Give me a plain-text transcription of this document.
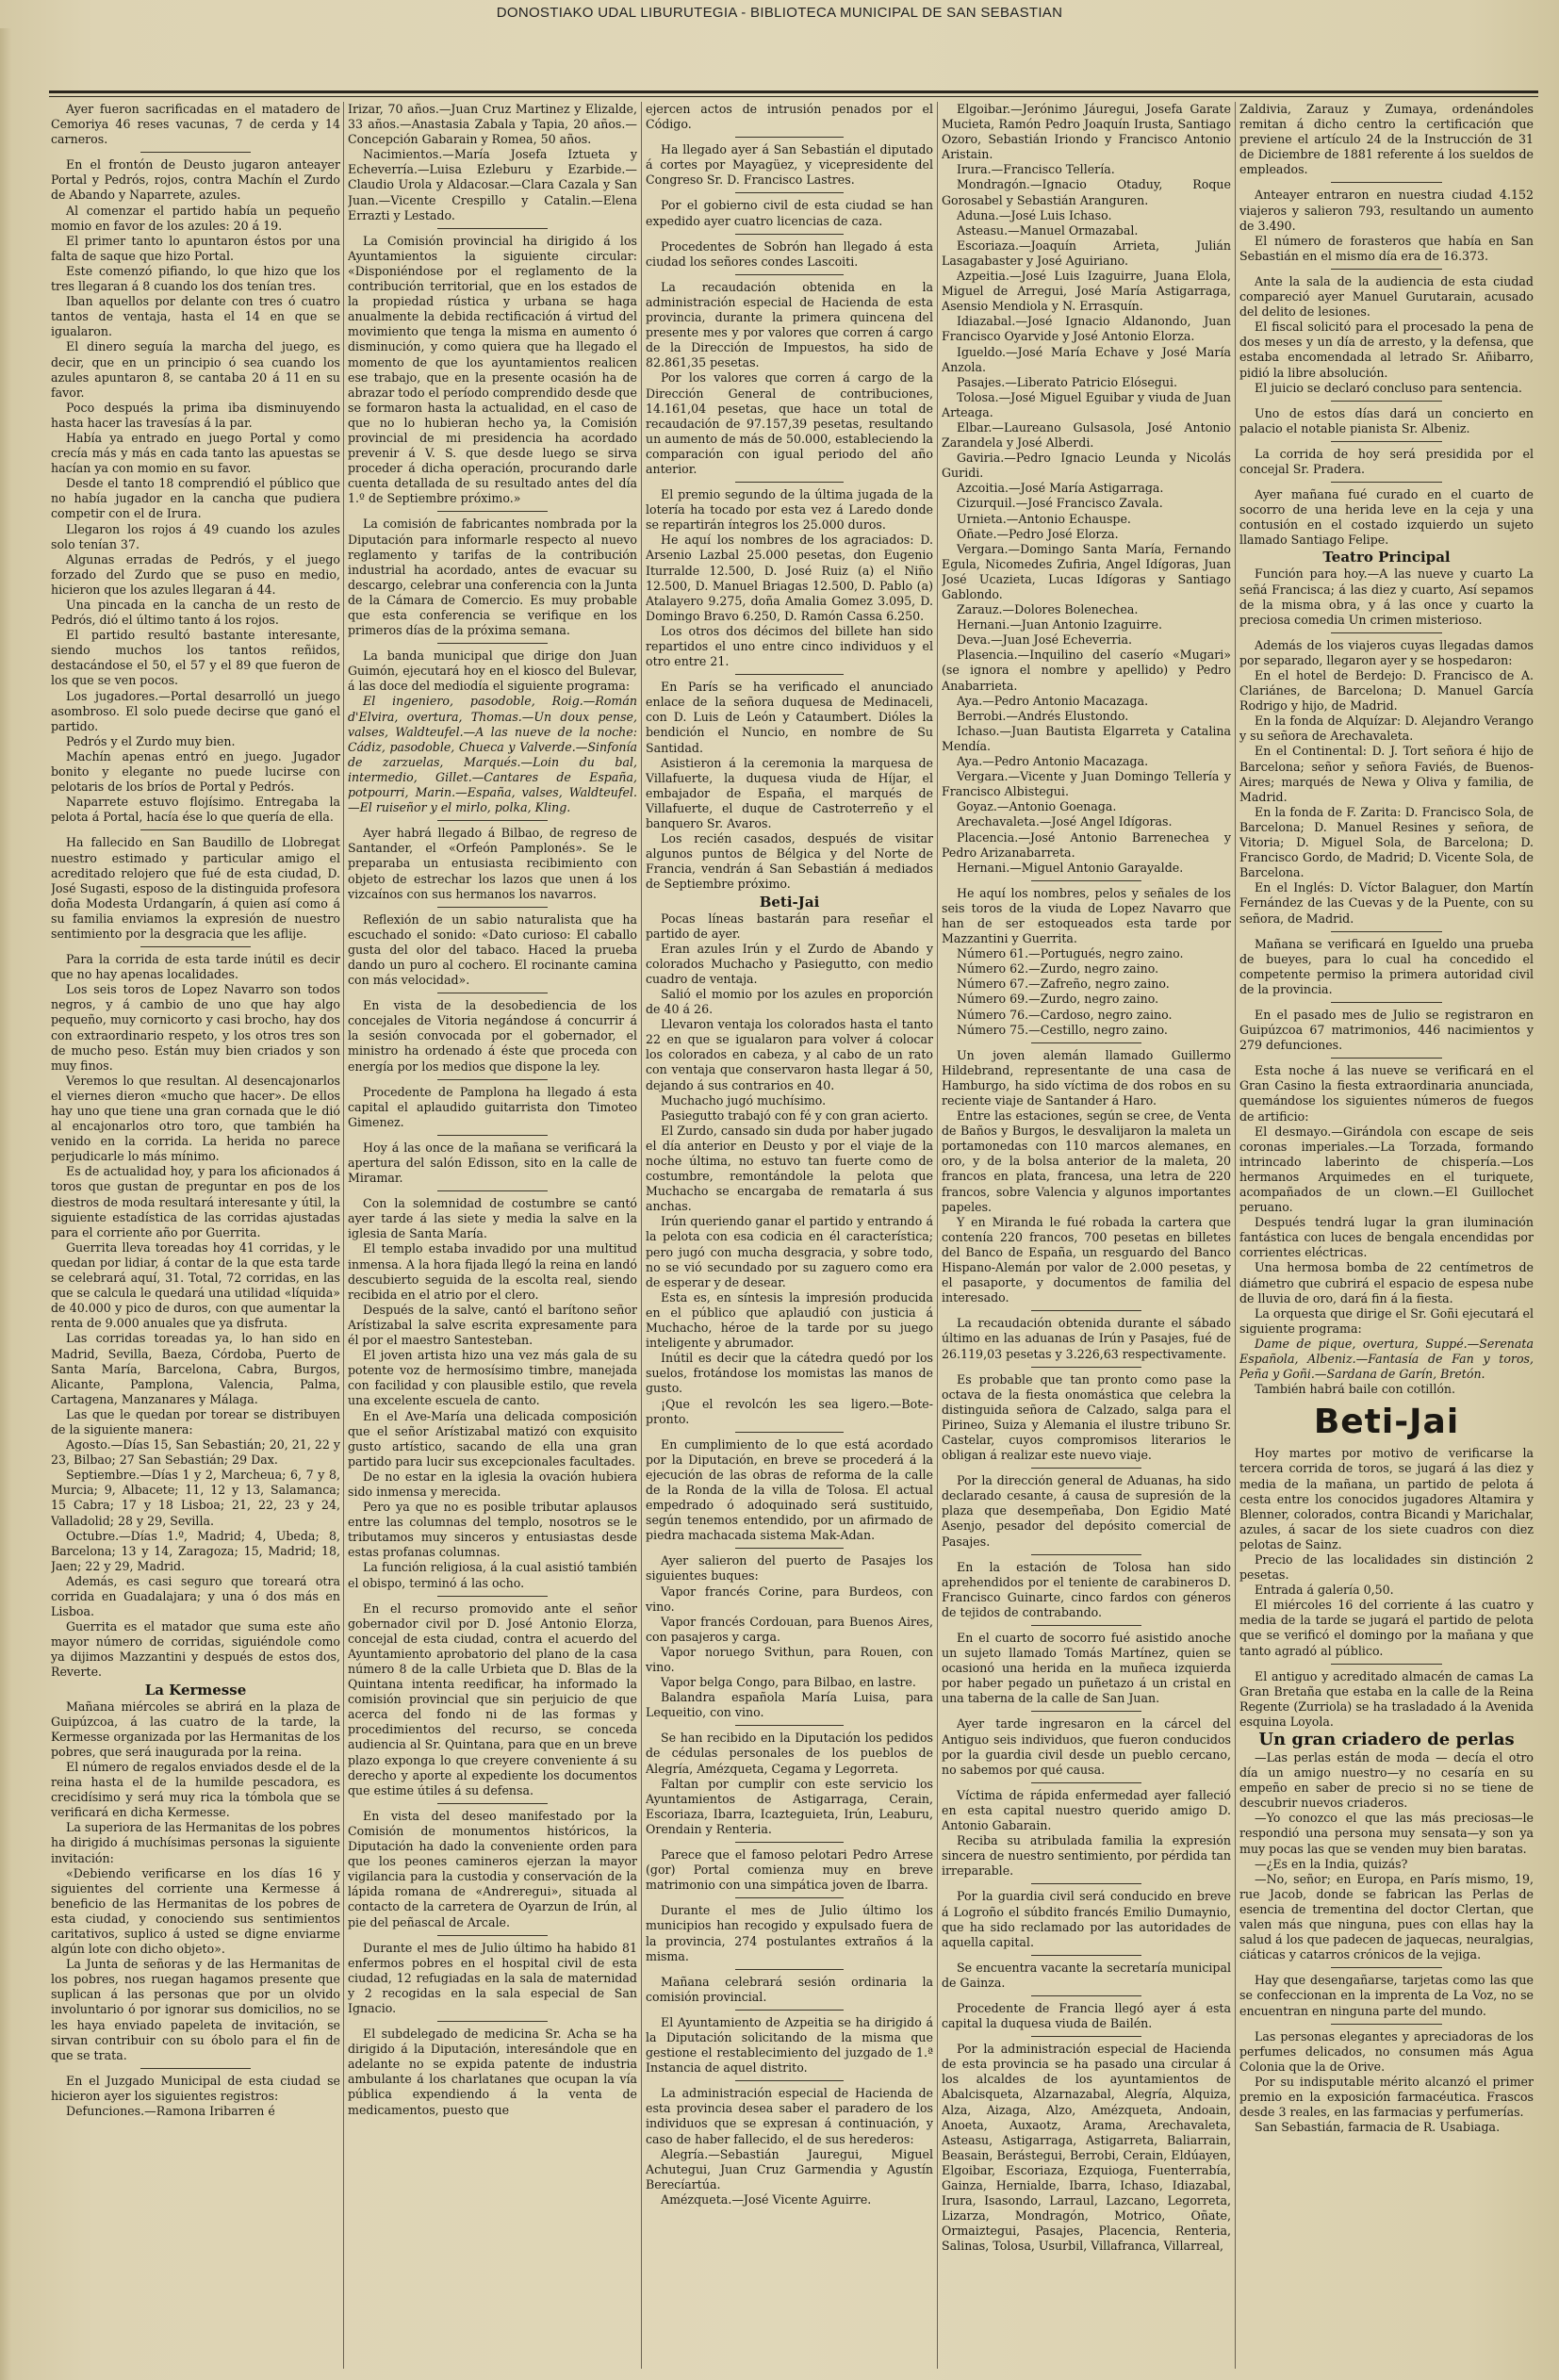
DONOSTIAKO UDAL LIBURUTEGIA - BIBLIOTECA MUNICIPAL DE SAN SEBASTIAN

Ayer fueron sacrificadas en el matadero de Cemoriya 46 reses vacunas, 7 de cerda y 14 carneros.

En el frontón de Deusto jugaron anteayer Portal y Pedrós, rojos, contra Machín el Zurdo de Abando y Naparrete, azules.

Al comenzar el partido había un pequeño momio en favor de los azules: 20 á 19.

El primer tanto lo apuntaron éstos por una falta de saque que hizo Portal.

Este comenzó pifiando, lo que hizo que los tres llegaran á 8 cuando los dos tenían tres.

Iban aquellos por delante con tres ó cuatro tantos de ventaja, hasta el 14 en que se igualaron.

El dinero seguía la marcha del juego, es decir, que en un principio ó sea cuando los azules apuntaron 8, se cantaba 20 á 11 en su favor.

Poco después la prima iba disminuyendo hasta hacer las travesías á la par.

Había ya entrado en juego Portal y como crecía más y más en cada tanto las apuestas se hacían ya con momio en su favor.

Desde el tanto 18 comprendió el público que no había jugador en la cancha que pudiera competir con el de Irura.

Llegaron los rojos á 49 cuando los azules solo tenían 37.

Algunas erradas de Pedrós, y el juego forzado del Zurdo que se puso en medio, hicieron que los azules llegaran á 44.

Una pincada en la cancha de un resto de Pedrós, dió el último tanto á los rojos.

El partido resultó bastante interesante, siendo muchos los tantos reñidos, destacándose el 50, el 57 y el 89 que fueron de los que se ven pocos.

Los jugadores.—Portal desarrolló un juego asombroso. El solo puede decirse que ganó el partido.

Pedrós y el Zurdo muy bien.

Machín apenas entró en juego. Jugador bonito y elegante no puede lucirse con pelotaris de los bríos de Portal y Pedrós.

Naparrete estuvo flojísimo. Entregaba la pelota á Portal, hacía ése lo que quería de ella.

Ha fallecido en San Baudillo de Llobregat nuestro estimado y particular amigo el acreditado relojero que fué de esta ciudad, D. José Sugasti, esposo de la distinguida profesora doña Modesta Urdangarín, á quien así como á su familia enviamos la expresión de nuestro sentimiento por la desgracia que les aflije.

Para la corrida de esta tarde inútil es decir que no hay apenas localidades.

Los seis toros de Lopez Navarro son todos negros, y á cambio de uno que hay algo pequeño, muy cornicorto y casi brocho, hay dos con extraordinario respeto, y los otros tres son de mucho peso. Están muy bien criados y son muy finos.

Veremos lo que resultan. Al desencajonarlos el viernes dieron «mucho que hacer». De ellos hay uno que tiene una gran cornada que le dió al encajonarlos otro toro, que también ha venido en la corrida. La herida no parece perjudicarle lo más mínimo.

Es de actualidad hoy, y para los aficionados á toros que gustan de preguntar en pos de los diestros de moda resultará interesante y útil, la siguiente estadística de las corridas ajustadas para el corriente año por Guerrita.

Guerrita lleva toreadas hoy 41 corridas, y le quedan por lidiar, á contar de la que esta tarde se celebrará aquí, 31. Total, 72 corridas, en las que se calcula le quedará una utilidad «líquida» de 40.000 y pico de duros, con que aumentar la renta de 9.000 anuales que ya disfruta.

Las corridas toreadas ya, lo han sido en Madrid, Sevilla, Baeza, Córdoba, Puerto de Santa María, Barcelona, Cabra, Burgos, Alicante, Pamplona, Valencia, Palma, Cartagena, Manzanares y Málaga.

Las que le quedan por torear se distribuyen de la siguiente manera:

Agosto.—Días 15, San Sebastián; 20, 21, 22 y 23, Bilbao; 27 San Sebastián; 29 Dax.

Septiembre.—Días 1 y 2, Marcheua; 6, 7 y 8, Murcia; 9, Albacete; 11, 12 y 13, Salamanca; 15 Cabra; 17 y 18 Lisboa; 21, 22, 23 y 24, Valladolid; 28 y 29, Sevilla.

Octubre.—Días 1.º, Madrid; 4, Ubeda; 8, Barcelona; 13 y 14, Zaragoza; 15, Madrid; 18, Jaen; 22 y 29, Madrid.

Además, es casi seguro que toreará otra corrida en Guadalajara; y una ó dos más en Lisboa.

Guerrita es el matador que suma este año mayor número de corridas, siguiéndole como ya dijimos Mazzantini y después de estos dos, Reverte.

La Kermesse

Mañana miércoles se abrirá en la plaza de Guipúzcoa, á las cuatro de la tarde, la Kermesse organizada por las Hermanitas de los pobres, que será inaugurada por la reina.

El número de regalos enviados desde el de la reina hasta el de la humilde pescadora, es crecidísimo y será muy rica la tómbola que se verificará en dicha Kermesse.

La superiora de las Hermanitas de los pobres ha dirigido á muchísimas personas la siguiente invitación:

«Debiendo verificarse en los días 16 y siguientes del corriente una Kermesse á beneficio de las Hermanitas de los pobres de esta ciudad, y conociendo sus sentimientos caritativos, suplico á usted se digne enviarme algún lote con dicho objeto».

La Junta de señoras y de las Hermanitas de los pobres, nos ruegan hagamos presente que suplican á las personas que por un olvido involuntario ó por ignorar sus domicilios, no se les haya enviado papeleta de invitación, se sirvan contribuir con su óbolo para el fin de que se trata.

En el Juzgado Municipal de esta ciudad se hicieron ayer los siguientes registros:

Defunciones.—Ramona Iribarren é

Irizar, 70 años.—Juan Cruz Martinez y Elizalde, 33 años.—Anastasia Zabala y Tapia, 20 años.—Concepción Gabarain y Romea, 50 años.

Nacimientos.—María Josefa Iztueta y Echeverría.—Luisa Ezleburu y Ezarbide.—Claudio Urola y Aldacosar.—Clara Cazala y San Juan.—Vicente Crespillo y Catalin.—Elena Errazti y Lestado.

La Comisión provincial ha dirigido á los Ayuntamientos la siguiente circular: «Disponiéndose por el reglamento de la contribución territorial, que en los estados de la propiedad rústica y urbana se haga anualmente la debida rectificación á virtud del movimiento que tenga la misma en aumento ó disminución, y como quiera que ha llegado el momento de que los ayuntamientos realicen ese trabajo, que en la presente ocasión ha de abrazar todo el período comprendido desde que se formaron hasta la actualidad, en el caso de que no lo hubieran hecho ya, la Comisión provincial de mi presidencia ha acordado prevenir á V. S. que desde luego se sirva proceder á dicha operación, procurando darle cuenta detallada de su resultado antes del día 1.º de Septiembre próximo.»

La comisión de fabricantes nombrada por la Diputación para informarle respecto al nuevo reglamento y tarifas de la contribución industrial ha acordado, antes de evacuar su descargo, celebrar una conferencia con la Junta de la Cámara de Comercio. Es muy probable que esta conferencia se verifique en los primeros días de la próxima semana.

La banda municipal que dirige don Juan Guimón, ejecutará hoy en el kiosco del Bulevar, á las doce del mediodía el siguiente programa:

El ingeniero, pasodoble, Roig.—Román d'Elvira, overtura, Thomas.—Un doux pense, valses, Waldteufel.—A las nueve de la noche: Cádiz, pasodoble, Chueca y Valverde.—Sinfonía de zarzuelas, Marqués.—Loin du bal, intermedio, Gillet.—Cantares de España, potpourri, Marin.—España, valses, Waldteufel.—El ruiseñor y el mirlo, polka, Kling.

Ayer habrá llegado á Bilbao, de regreso de Santander, el «Orfeón Pamplonés». Se le preparaba un entusiasta recibimiento con objeto de estrechar los lazos que unen á los vizcaínos con sus hermanos los navarros.

Reflexión de un sabio naturalista que ha escuchado el sonido: «Dato curioso: El caballo gusta del olor del tabaco. Haced la prueba dando un puro al cochero. El rocinante camina con más velocidad».

En vista de la desobediencia de los concejales de Vitoria negándose á concurrir á la sesión convocada por el gobernador, el ministro ha ordenado á éste que proceda con energía por los medios que dispone la ley.

Procedente de Pamplona ha llegado á esta capital el aplaudido guitarrista don Timoteo Gimenez.

Hoy á las once de la mañana se verificará la apertura del salón Edisson, sito en la calle de Miramar.

Con la solemnidad de costumbre se cantó ayer tarde á las siete y media la salve en la iglesia de Santa María.

El templo estaba invadido por una multitud inmensa. A la hora fijada llegó la reina en landó descubierto seguida de la escolta real, siendo recibida en el atrio por el clero.

Después de la salve, cantó el barítono señor Arístizabal la salve escrita expresamente para él por el maestro Santesteban.

El joven artista hizo una vez más gala de su potente voz de hermosísimo timbre, manejada con facilidad y con plausible estilo, que revela una excelente escuela de canto.

En el Ave-María una delicada composición que el señor Arístizabal matizó con exquisito gusto artístico, sacando de ella una gran partido para lucir sus excepcionales facultades.

De no estar en la iglesia la ovación hubiera sido inmensa y merecida.

Pero ya que no es posible tributar aplausos entre las columnas del templo, nosotros se le tributamos muy sinceros y entusiastas desde estas profanas columnas.

La función religiosa, á la cual asistió también el obispo, terminó á las ocho.

En el recurso promovido ante el señor gobernador civil por D. José Antonio Elorza, concejal de esta ciudad, contra el acuerdo del Ayuntamiento aprobatorio del plano de la casa número 8 de la calle Urbieta que D. Blas de la Quintana intenta reedificar, ha informado la comisión provincial que sin perjuicio de que acerca del fondo ni de las formas y procedimientos del recurso, se conceda audiencia al Sr. Quintana, para que en un breve plazo exponga lo que creyere conveniente á su derecho y aporte al expediente los documentos que estime útiles á su defensa.

En vista del deseo manifestado por la Comisión de monumentos históricos, la Diputación ha dado la conveniente orden para que los peones camineros ejerzan la mayor vigilancia para la custodia y conservación de la lápida romana de «Andreregui», situada al contacto de la carretera de Oyarzun de Irún, al pie del peñascal de Arcale.

Durante el mes de Julio último ha habido 81 enfermos pobres en el hospital civil de esta ciudad, 12 refugiadas en la sala de maternidad y 2 recogidas en la sala especial de San Ignacio.

El subdelegado de medicina Sr. Acha se ha dirigido á la Diputación, interesándole que en adelante no se expida patente de industria ambulante á los charlatanes que ocupan la vía pública expendiendo á la venta de medicamentos, puesto que

ejercen actos de intrusión penados por el Código.

Ha llegado ayer á San Sebastián el diputado á cortes por Mayagüez, y vicepresidente del Congreso Sr. D. Francisco Lastres.

Por el gobierno civil de esta ciudad se han expedido ayer cuatro licencias de caza.

Procedentes de Sobrón han llegado á esta ciudad los señores condes Lascoiti.

La recaudación obtenida en la administración especial de Hacienda de esta provincia, durante la primera quincena del presente mes y por valores que corren á cargo de la Dirección de Impuestos, ha sido de 82.861,35 pesetas.

Por los valores que corren á cargo de la Dirección General de contribuciones, 14.161,04 pesetas, que hace un total de recaudación de 97.157,39 pesetas, resultando un aumento de más de 50.000, estableciendo la comparación con igual periodo del año anterior.

El premio segundo de la última jugada de la lotería ha tocado por esta vez á Laredo donde se repartirán íntegros los 25.000 duros.

He aquí los nombres de los agraciados: D. Arsenio Lazbal 25.000 pesetas, don Eugenio Iturralde 12.500, D. José Ruiz (a) el Niño 12.500, D. Manuel Briagas 12.500, D. Pablo (a) Atalayero 9.275, doña Amalia Gomez 3.095, D. Domingo Bravo 6.250, D. Ramón Cassa 6.250.

Los otros dos décimos del billete han sido repartidos el uno entre cinco individuos y el otro entre 21.

En París se ha verificado el anunciado enlace de la señora duquesa de Medinaceli, con D. Luis de León y Cataumbert. Dióles la bendición el Nuncio, en nombre de Su Santidad.

Asistieron á la ceremonia la marquesa de Villafuerte, la duquesa viuda de Híjar, el embajador de España, el marqués de Villafuerte, el duque de Castroterreño y el banquero Sr. Avaros.

Los recién casados, después de visitar algunos puntos de Bélgica y del Norte de Francia, vendrán á San Sebastián á mediados de Septiembre próximo.

Beti-Jai

Pocas líneas bastarán para reseñar el partido de ayer.

Eran azules Irún y el Zurdo de Abando y colorados Muchacho y Pasiegutto, con medio cuadro de ventaja.

Salió el momio por los azules en proporción de 40 á 26.

Llevaron ventaja los colorados hasta el tanto 22 en que se igualaron para volver á colocar los colorados en cabeza, y al cabo de un rato con ventaja que conservaron hasta llegar á 50, dejando á sus contrarios en 40.

Muchacho jugó muchísimo.

Pasiegutto trabajó con fé y con gran acierto.

El Zurdo, cansado sin duda por haber jugado el día anterior en Deusto y por el viaje de la noche última, no estuvo tan fuerte como de costumbre, remontándole la pelota que Muchacho se encargaba de rematarla á sus anchas.

Irún queriendo ganar el partido y entrando á la pelota con esa codicia en él característica; pero jugó con mucha desgracia, y sobre todo, no se vió secundado por su zaguero como era de esperar y de desear.

Esta es, en síntesis la impresión producida en el público que aplaudió con justicia á Muchacho, héroe de la tarde por su juego inteligente y abrumador.

Inútil es decir que la cátedra quedó por los suelos, frotándose los momistas las manos de gusto.

¡Que el revolcón les sea ligero.—Bote-pronto.

En cumplimiento de lo que está acordado por la Diputación, en breve se procederá á la ejecución de las obras de reforma de la calle de la Ronda de la villa de Tolosa. El actual empedrado ó adoquinado será sustituido, según tenemos entendido, por un afirmado de piedra machacada sistema Mak-Adan.

Ayer salieron del puerto de Pasajes los siguientes buques:

Vapor francés Corine, para Burdeos, con vino.

Vapor francés Cordouan, para Buenos Aires, con pasajeros y carga.

Vapor noruego Svithun, para Rouen, con vino.

Vapor belga Congo, para Bilbao, en lastre.

Balandra española María Luisa, para Lequeitio, con vino.

Se han recibido en la Diputación los pedidos de cédulas personales de los pueblos de Alegría, Amézqueta, Cegama y Legorreta.

Faltan por cumplir con este servicio los Ayuntamientos de Astigarraga, Cerain, Escoriaza, Ibarra, Icazteguieta, Irún, Leaburu, Orendain y Renteria.

Parece que el famoso pelotari Pedro Arrese (gor) Portal comienza muy en breve matrimonio con una simpática joven de Ibarra.

Durante el mes de Julio último los municipios han recogido y expulsado fuera de la provincia, 274 postulantes extraños á la misma.

Mañana celebrará sesión ordinaria la comisión provincial.

El Ayuntamiento de Azpeitia se ha dirigido á la Diputación solicitando de la misma que gestione el restablecimiento del juzgado de 1.ª Instancia de aquel distrito.

La administración especial de Hacienda de esta provincia desea saber el paradero de los individuos que se expresan á continuación, y caso de haber fallecido, el de sus herederos:

Alegría.—Sebastián Jauregui, Miguel Achutegui, Juan Cruz Garmendia y Agustín Berecíartúa.

Amézqueta.—José Vicente Aguirre.

Elgoibar.—Jerónimo Jáuregui, Josefa Garate Mucieta, Ramón Pedro Joaquín Irusta, Santiago Ozoro, Sebastián Iriondo y Francisco Antonio Aristain.

Irura.—Francisco Tellería.

Mondragón.—Ignacio Otaduy, Roque Gorosabel y Sebastián Aranguren.

Aduna.—José Luis Ichaso.

Asteasu.—Manuel Ormazabal.

Escoriaza.—Joaquín Arrieta, Julián Lasagabaster y José Aguiriano.

Azpeitia.—José Luis Izaguirre, Juana Elola, Miguel de Arregui, José María Astigarraga, Asensio Mendiola y N. Errasquín.

Idiazabal.—José Ignacio Aldanondo, Juan Francisco Oyarvide y José Antonio Elorza.

Igueldo.—José María Echave y José María Anzola.

Pasajes.—Liberato Patricio Elósegui.

Tolosa.—José Miguel Eguibar y viuda de Juan Arteaga.

Elbar.—Laureano Gulsasola, José Antonio Zarandela y José Alberdi.

Gaviria.—Pedro Ignacio Leunda y Nicolás Guridi.

Azcoitia.—José María Astigarraga.

Cizurquil.—José Francisco Zavala.

Urnieta.—Antonio Echauspe.

Oñate.—Pedro José Elorza.

Vergara.—Domingo Santa María, Fernando Egula, Nicomedes Zufiria, Angel Idígoras, Juan José Ucazieta, Lucas Idígoras y Santiago Gablondo.

Zarauz.—Dolores Bolenechea.

Hernani.—Juan Antonio Izaguirre.

Deva.—Juan José Echeverria.

Plasencia.—Inquilino del caserío «Mugari» (se ignora el nombre y apellido) y Pedro Anabarrieta.

Aya.—Pedro Antonio Macazaga.

Berrobi.—Andrés Elustondo.

Ichaso.—Juan Bautista Elgarreta y Catalina Mendía.

Aya.—Pedro Antonio Macazaga.

Vergara.—Vicente y Juan Domingo Tellería y Francisco Albistegui.

Goyaz.—Antonio Goenaga.

Arechavaleta.—José Angel Idígoras.

Placencia.—José Antonio Barrenechea y Pedro Arizanabarreta.

Hernani.—Miguel Antonio Garayalde.

He aquí los nombres, pelos y señales de los seis toros de la viuda de Lopez Navarro que han de ser estoqueados esta tarde por Mazzantini y Guerrita.

Número 61.—Portugués, negro zaino.

Número 62.—Zurdo, negro zaino.

Número 67.—Zafreño, negro zaino.

Número 69.—Zurdo, negro zaino.

Número 76.—Cardoso, negro zaino.

Número 75.—Cestillo, negro zaino.

Un joven alemán llamado Guillermo Hildebrand, representante de una casa de Hamburgo, ha sido víctima de dos robos en su reciente viaje de Santander á Haro.

Entre las estaciones, según se cree, de Venta de Baños y Burgos, le desvalijaron la maleta un portamonedas con 110 marcos alemanes, en oro, y de la bolsa anterior de la maleta, 20 francos en plata, francesa, una letra de 220 francos, sobre Valencia y algunos importantes papeles.

Y en Miranda le fué robada la cartera que contenía 220 francos, 700 pesetas en billetes del Banco de España, un resguardo del Banco Hispano-Alemán por valor de 2.000 pesetas, y el pasaporte, y documentos de familia del interesado.

La recaudación obtenida durante el sábado último en las aduanas de Irún y Pasajes, fué de 26.119,03 pesetas y 3.226,63 respectivamente.

Es probable que tan pronto como pase la octava de la fiesta onomástica que celebra la distinguida señora de Calzado, salga para el Pirineo, Suiza y Alemania el ilustre tribuno Sr. Castelar, cuyos compromisos literarios le obligan á realizar este nuevo viaje.

Por la dirección general de Aduanas, ha sido declarado cesante, á causa de supresión de la plaza que desempeñaba, Don Egidio Maté Asenjo, pesador del depósito comercial de Pasajes.

En la estación de Tolosa han sido aprehendidos por el teniente de carabineros D. Francisco Guinarte, cinco fardos con géneros de tejidos de contrabando.

En el cuarto de socorro fué asistido anoche un sujeto llamado Tomás Martínez, quien se ocasionó una herida en la muñeca izquierda por haber pegado un puñetazo á un cristal en una taberna de la calle de San Juan.

Ayer tarde ingresaron en la cárcel del Antiguo seis individuos, que fueron conducidos por la guardia civil desde un pueblo cercano, no sabemos por qué causa.

Víctima de rápida enfermedad ayer falleció en esta capital nuestro querido amigo D. Antonio Gabarain.

Reciba su atribulada familia la expresión sincera de nuestro sentimiento, por pérdida tan irreparable.

Por la guardia civil será conducido en breve á Logroño el súbdito francés Emilio Dumaynio, que ha sido reclamado por las autoridades de aquella capital.

Se encuentra vacante la secretaría municipal de Gainza.

Procedente de Francia llegó ayer á esta capital la duquesa viuda de Bailén.

Por la administración especial de Hacienda de esta provincia se ha pasado una circular á los alcaldes de los ayuntamientos de Abalcisqueta, Alzarnazabal, Alegría, Alquiza, Alza, Aizaga, Alzo, Amézqueta, Andoain, Anoeta, Auxaotz, Arama, Arechavaleta, Asteasu, Astigarraga, Astigarreta, Baliarrain, Beasain, Berástegui, Berrobi, Cerain, Eldúayen, Elgoibar, Escoriaza, Ezquioga, Fuenterrabía, Gainza, Hernialde, Ibarra, Ichaso, Idiazabal, Irura, Isasondo, Larraul, Lazcano, Legorreta, Lizarza, Mondragón, Motrico, Oñate, Ormaiztegui, Pasajes, Placencia, Renteria, Salinas, Tolosa, Usurbil, Villafranca, Villarreal,

Zaldivia, Zarauz y Zumaya, ordenándoles remitan á dicho centro la certificación que previene el artículo 24 de la Instrucción de 31 de Diciembre de 1881 referente á los sueldos de empleados.

Anteayer entraron en nuestra ciudad 4.152 viajeros y salieron 793, resultando un aumento de 3.490.

El número de forasteros que había en San Sebastián en el mismo día era de 16.373.

Ante la sala de la audiencia de esta ciudad compareció ayer Manuel Gurutarain, acusado del delito de lesiones.

El fiscal solicitó para el procesado la pena de dos meses y un día de arresto, y la defensa, que estaba encomendada al letrado Sr. Añibarro, pidió la libre absolución.

El juicio se declaró concluso para sentencia.

Uno de estos días dará un concierto en palacio el notable pianista Sr. Albeniz.

La corrida de hoy será presidida por el concejal Sr. Pradera.

Ayer mañana fué curado en el cuarto de socorro de una herida leve en la ceja y una contusión en el costado izquierdo un sujeto llamado Santiago Felipe.

Teatro Principal

Función para hoy.—A las nueve y cuarto La señá Francisca; á las diez y cuarto, Así sepamos de la misma obra, y á las once y cuarto la preciosa comedia Un crimen misterioso.

Además de los viajeros cuyas llegadas damos por separado, llegaron ayer y se hospedaron:

En el hotel de Berdejo: D. Francisco de A. Clariánes, de Barcelona; D. Manuel García Rodrigo y hijo, de Madrid.

En la fonda de Alquízar: D. Alejandro Verango y su señora de Arechavaleta.

En el Continental: D. J. Tort señora é hijo de Barcelona; señor y señora Faviés, de Buenos-Aires; marqués de Newa y Oliva y familia, de Madrid.

En la fonda de F. Zarita: D. Francisco Sola, de Barcelona; D. Manuel Resines y señora, de Vitoria; D. Miguel Sola, de Barcelona; D. Francisco Gordo, de Madrid; D. Vicente Sola, de Barcelona.

En el Inglés: D. Víctor Balaguer, don Martín Fernández de las Cuevas y de la Puente, con su señora, de Madrid.

Mañana se verificará en Igueldo una prueba de bueyes, para lo cual ha concedido el competente permiso la primera autoridad civil de la provincia.

En el pasado mes de Julio se registraron en Guipúzcoa 67 matrimonios, 446 nacimientos y 279 defunciones.

Esta noche á las nueve se verificará en el Gran Casino la fiesta extraordinaria anunciada, quemándose los siguientes números de fuegos de artificio:

El desmayo.—Girándola con escape de seis coronas imperiales.—La Torzada, formando intrincado laberinto de chispería.—Los hermanos Arquimedes en el turiquete, acompañados de un clown.—El Guillochet peruano.

Después tendrá lugar la gran iluminación fantástica con luces de bengala encendidas por corrientes eléctricas.

Una hermosa bomba de 22 centímetros de diámetro que cubrirá el espacio de espesa nube de lluvia de oro, dará fin á la fiesta.

La orquesta que dirige el Sr. Goñi ejecutará el siguiente programa:

Dame de pique, overtura, Suppé.—Serenata Española, Albeniz.—Fantasía de Fan y toros, Peña y Goñi.—Sardana de Garín, Bretón.

También habrá baile con cotillón.

Beti-Jai

Hoy martes por motivo de verificarse la tercera corrida de toros, se jugará á las diez y media de la mañana, un partido de pelota á cesta entre los conocidos jugadores Altamira y Blenner, colorados, contra Bicandi y Marichalar, azules, á sacar de los siete cuadros con diez pelotas de Sainz.

Precio de las localidades sin distinción 2 pesetas.

Entrada á galería 0,50.

El miércoles 16 del corriente á las cuatro y media de la tarde se jugará el partido de pelota que se verificó el domingo por la mañana y que tanto agradó al público.

El antiguo y acreditado almacén de camas La Gran Bretaña que estaba en la calle de la Reina Regente (Zurriola) se ha trasladado á la Avenida esquina Loyola.

Un gran criadero de perlas

—Las perlas están de moda — decía el otro día un amigo nuestro—y no cesaría en su empeño en saber de precio si no se tiene de descubrir nuevos criaderos.

—Yo conozco el que las más preciosas—le respondió una persona muy sensata—y son ya muy pocas las que se venden muy bien baratas.

—¿Es en la India, quizás?

—No, señor; en Europa, en París mismo, 19, rue Jacob, donde se fabrican las Perlas de esencia de trementina del doctor Clertan, que valen más que ninguna, pues con ellas hay la salud á los que padecen de jaquecas, neuralgias, ciáticas y catarros crónicos de la vejiga.

Hay que desengañarse, tarjetas como las que se confeccionan en la imprenta de La Voz, no se encuentran en ninguna parte del mundo.

Las personas elegantes y apreciadoras de los perfumes delicados, no consumen más Agua Colonia que la de Orive.

Por su indisputable mérito alcanzó el primer premio en la exposición farmacéutica. Frascos desde 3 reales, en las farmacias y perfumerías.

San Sebastián, farmacia de R. Usabiaga.
